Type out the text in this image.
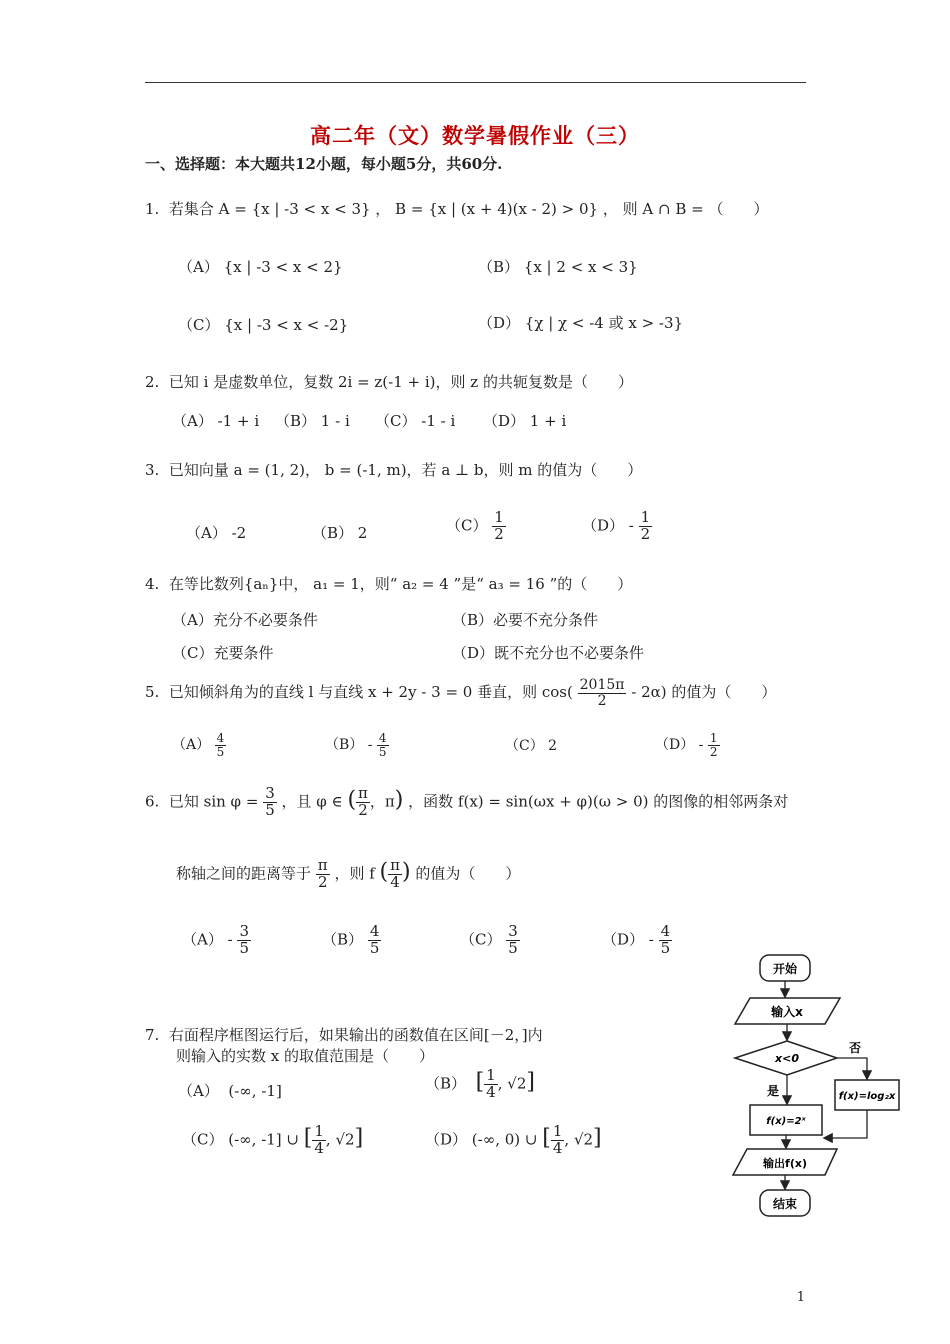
高二年（文）数学暑假作业（三）
一、选择题：本大题共12小题，每小题5分，共60分.
1. 若集合 A = {x | -3 < x < 3} ， B = {x | (x + 4)(x - 2) > 0} ， 则 A ∩ B = （　　）
（A） {x | -3 < x < 2}	（B） {x | 2 < x < 3}
（C） {x | -3 < x < -2}	（D） {χ | χ < -4 或 x > -3}
2. 已知 i 是虚数单位，复数 2i = z(-1 + i)，则 z 的共轭复数是（　　）
（A） -1 + i （B） 1 - i （C） -1 - i （D） 1 + i
3. 已知向量 a = (1, 2)， b = (-1, m)，若 a ⊥ b，则 m 的值为（　　）
（A） -2	（B） 2	$(C) \frac{1}{2}$	$(D) - \frac{1}{2}$
4. 在等比数列{aₙ}中， a₁ = 1，则“ a₂ = 4 ”是“ a₃ = 16 ”的（　　）
（A）充分不必要条件	（B）必要不充分条件
（C）充要条件	（D）既不充分也不必要条件
5. 已知倾斜角为的直线 l 与直线 x + 2y - 3 = 0 垂直，则 $\cos( \frac{2015\pi}{2} - 2\alpha)$ 的值为（　　）
$(A) \frac{4}{5}$	$(B) - \frac{4}{5}$	（C） 2	$(D) - \frac{1}{2}$
6. 已知 $\sin \varphi = \frac{3}{5}$ ，且 φ ∈ ( $\frac{\pi}{2}$ ，π) ，函数 f(x) = sin(ωx + φ)(ω > 0) 的图像的相邻两条对
称轴之间的距离等于 $\frac{\pi}{2}$ ，则 f ( $\frac{\pi}{4}$ ) 的值为（　　）
$(A) - \frac{3}{5}$	$(B) \frac{4}{5}$	$(C) \frac{3}{5}$	$(D) - \frac{4}{5}$
7. 右面程序框图运行后，如果输出的函数值在区间[－2，]内
则输入的实数 x 的取值范围是（　　）
（A） (-∞, -1]	（B） [ $\frac{1}{4}$ , √2]
（C） (-∞, -1] ∪ [ $\frac{1}{4}$ , √2]	（D） (-∞, 0) ∪ [ $\frac{1}{4}$ , √2]
开始
输入x
x<0
否
f(x)=log₂x
是
f(x)=2ˣ
输出f(x)
结束
1
